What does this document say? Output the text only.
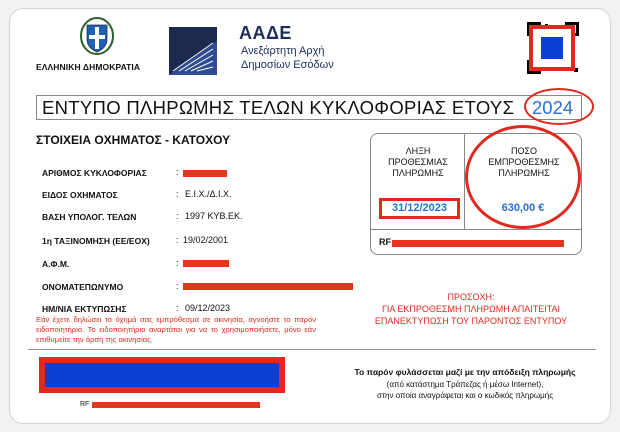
ΕΛΛΗΝΙΚΗ ΔΗΜΟΚΡΑΤΙΑ
ΑΑΔΕ
Ανεξάρτητη Αρχή
Δημοσίων Εσόδων
ΕΝΤΥΠΟ ΠΛΗΡΩΜΗΣ ΤΕΛΩΝ ΚΥΚΛΟΦΟΡΙΑΣ ΕΤΟΥΣ 2024
ΣΤΟΙΧΕΙΑ ΟΧΗΜΑΤΟΣ - ΚΑΤΟΧΟΥ
ΑΡΙΘΜΟΣ ΚΥΚΛΟΦΟΡΙΑΣ	:
ΕΙΔΟΣ ΟΧΗΜΑΤΟΣ	: Ε.Ι.Χ./Δ.Ι.Χ.
ΒΑΣΗ ΥΠΟΛΟΓ. ΤΕΛΩΝ	: 1997 ΚΥΒ.ΕΚ.
1η ΤΑΞΙΝΟΜΗΣΗ (ΕΕ/ΕΟΧ)	: 19/02/2001
Α.Φ.Μ.	:
ΟΝΟΜΑΤΕΠΩΝΥΜΟ	:
ΗΜ/ΝΙΑ ΕΚΤΥΠΩΣΗΣ	: 09/12/2023
Εάν έχετε δηλώσει το όχημά σας εμπρόθεσμα σε ακινησία, αγνοήστε το παρόν ειδοποιητήριο. Το ειδοποιητήριο αναρτάται για να το χρησιμοποιήσετε, μόνο εάν επιθυμείτε την άρση της ακινησίας.
ΛΗΞΗ
ΠΡΟΘΕΣΜΙΑΣ
ΠΛΗΡΩΜΗΣ
31/12/2023
ΠΟΣΟ
ΕΜΠΡΟΘΕΣΜΗΣ
ΠΛΗΡΩΜΗΣ
630,00 €
RF
ΠΡΟΣΟΧΗ:
ΓΙΑ ΕΚΠΡΟΘΕΣΜΗ ΠΛΗΡΩΜΗ ΑΠΑΙΤΕΙΤΑΙ
ΕΠΑΝΕΚΤΥΠΩΣΗ ΤΟΥ ΠΑΡΟΝΤΟΣ ΕΝΤΥΠΟΥ
RF
Το παρόν φυλάσσεται μαζί με την απόδειξη πληρωμής
(από κατάστημα Τράπεζας ή μέσω Internet),
στην οποία αναγράφεται και ο κωδικός πληρωμής
